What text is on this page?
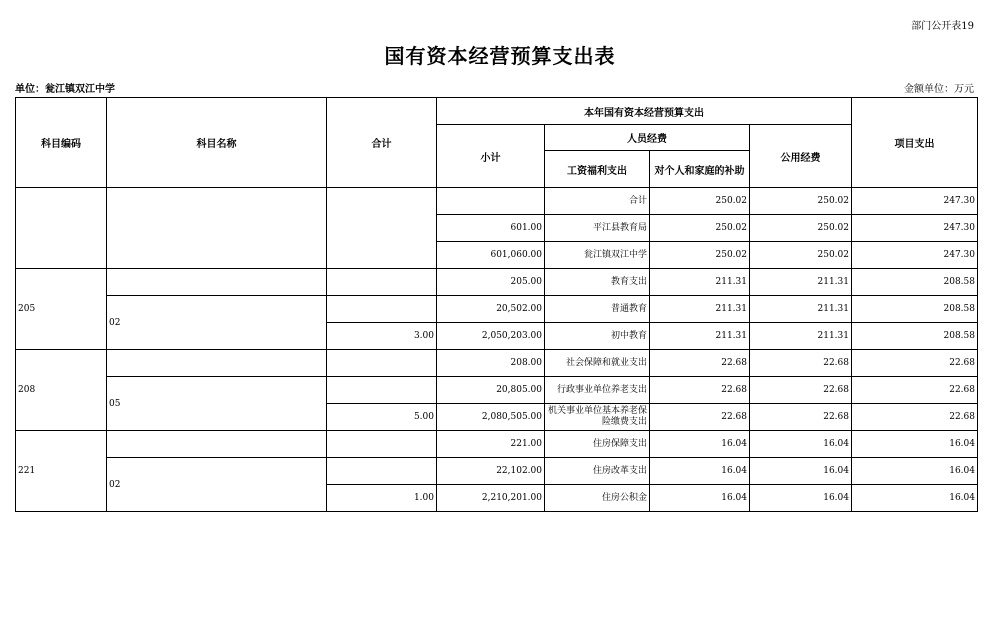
部门公开表19
国有资本经营预算支出表
单位：瓮江镇双江中学	金额单位：万元
科目编码	科目名称	合计	本年国有资本经营预算支出				项目支出
			小计	人员经费		公用经费	
				工资福利支出	对个人和家庭的补助		
				合计	250.02	250.02	247.30
			601.00	平江县教育局	250.02	250.02	247.30
			601,060.00	瓮江镇双江中学	250.02	250.02	247.30
205			205.00	教育支出	211.31	211.31	208.58
	02		20,502.00	普通教育	211.31	211.31	208.58
		3.00	2,050,203.00	初中教育	211.31	211.31	208.58
208			208.00	社会保障和就业支出	22.68	22.68	22.68
	05		20,805.00	行政事业单位养老支出	22.68	22.68	22.68
		5.00	2,080,505.00	机关事业单位基本养老保险缴费支出	22.68	22.68	22.68
221			221.00	住房保障支出	16.04	16.04	16.04
	02		22,102.00	住房改革支出	16.04	16.04	16.04
		1.00	2,210,201.00	住房公积金	16.04	16.04	16.04
